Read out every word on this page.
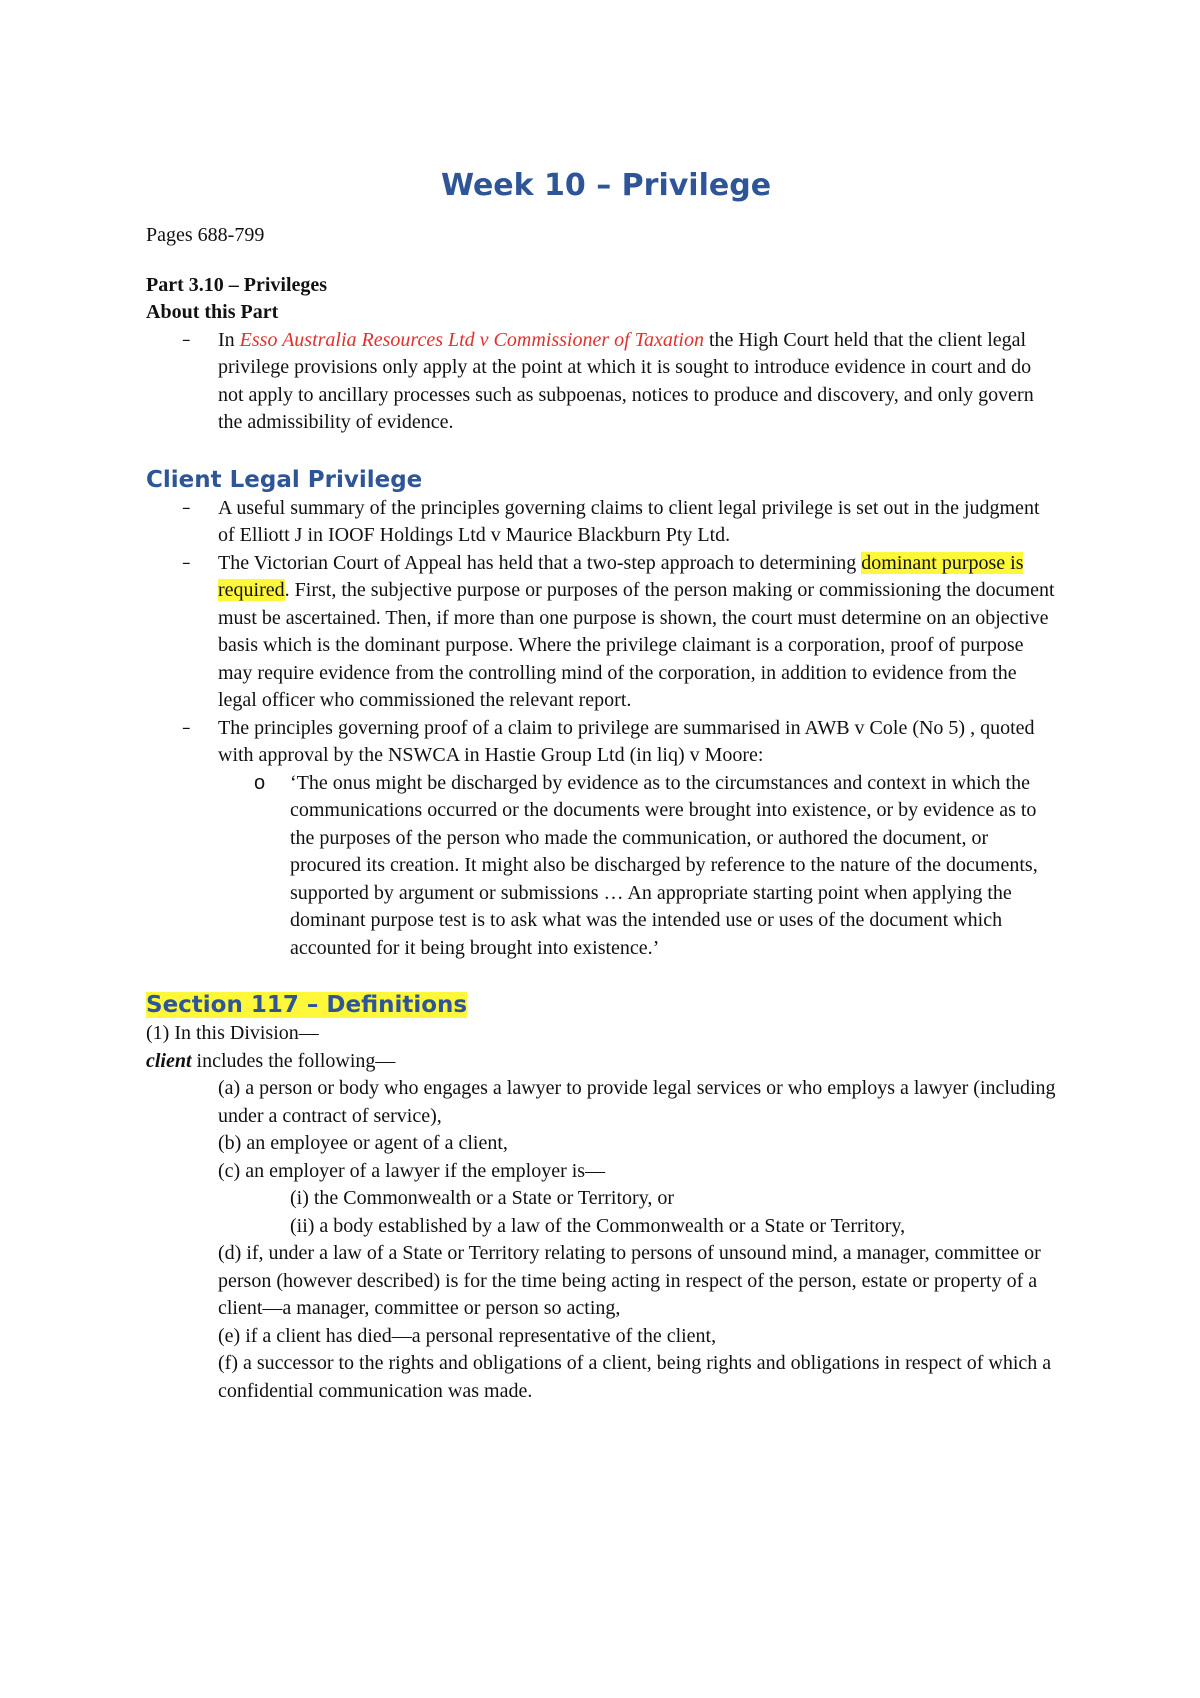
Week 10 – Privilege

Pages 688-799

Part 3.10 – Privileges

About this Part

– In Esso Australia Resources Ltd v Commissioner of Taxation the High Court held that the client legal privilege provisions only apply at the point at which it is sought to introduce evidence in court and do not apply to ancillary processes such as subpoenas, notices to produce and discovery, and only govern the admissibility of evidence.
Client Legal Privilege
– A useful summary of the principles governing claims to client legal privilege is set out in the judgment of Elliott J in IOOF Holdings Ltd v Maurice Blackburn Pty Ltd.
– The Victorian Court of Appeal has held that a two-step approach to determining dominant purpose is required. First, the subjective purpose or purposes of the person making or commissioning the document must be ascertained. Then, if more than one purpose is shown, the court must determine on an objective basis which is the dominant purpose. Where the privilege claimant is a corporation, proof of purpose may require evidence from the controlling mind of the corporation, in addition to evidence from the legal officer who commissioned the relevant report.
– The principles governing proof of a claim to privilege are summarised in AWB v Cole (No 5) , quoted with approval by the NSWCA in Hastie Group Ltd (in liq) v Moore:
o ‘The onus might be discharged by evidence as to the circumstances and context in which the communications occurred or the documents were brought into existence, or by evidence as to the purposes of the person who made the communication, or authored the document, or procured its creation. It might also be discharged by reference to the nature of the documents, supported by argument or submissions … An appropriate starting point when applying the dominant purpose test is to ask what was the intended use or uses of the document which accounted for it being brought into existence.’
Section 117 – Definitions

(1) In this Division—

client includes the following—

(a) a person or body who engages a lawyer to provide legal services or who employs a lawyer (including under a contract of service),

(b) an employee or agent of a client,

(c) an employer of a lawyer if the employer is—

(i) the Commonwealth or a State or Territory, or

(ii) a body established by a law of the Commonwealth or a State or Territory,

(d) if, under a law of a State or Territory relating to persons of unsound mind, a manager, committee or person (however described) is for the time being acting in respect of the person, estate or property of a client—a manager, committee or person so acting,

(e) if a client has died—a personal representative of the client,

(f) a successor to the rights and obligations of a client, being rights and obligations in respect of which a confidential communication was made.
